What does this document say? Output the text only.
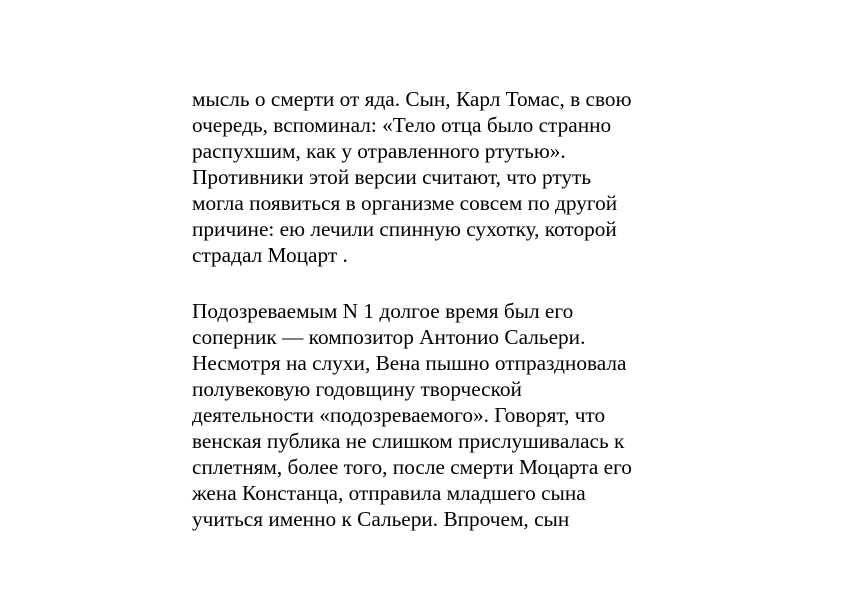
мысль о смерти от яда. Сын, Карл Томас, в свою
очередь, вспоминал: «Тело отца было странно
распухшим, как у отравленного ртутью».
Противники этой версии считают, что ртуть
могла появиться в организме совсем по другой
причине: ею лечили спинную сухотку, которой
страдал Моцарт .
Подозреваемым N 1 долгое время был его
соперник — композитор Антонио Сальери.
Несмотря на слухи, Вена пышно отпраздновала
полувековую годовщину творческой
деятельности «подозреваемого». Говорят, что
венская публика не слишком прислушивалась к
сплетням, более того, после смерти Моцарта его
жена Констанца, отправила младшего сына
учиться именно к Сальери. Впрочем, сын
